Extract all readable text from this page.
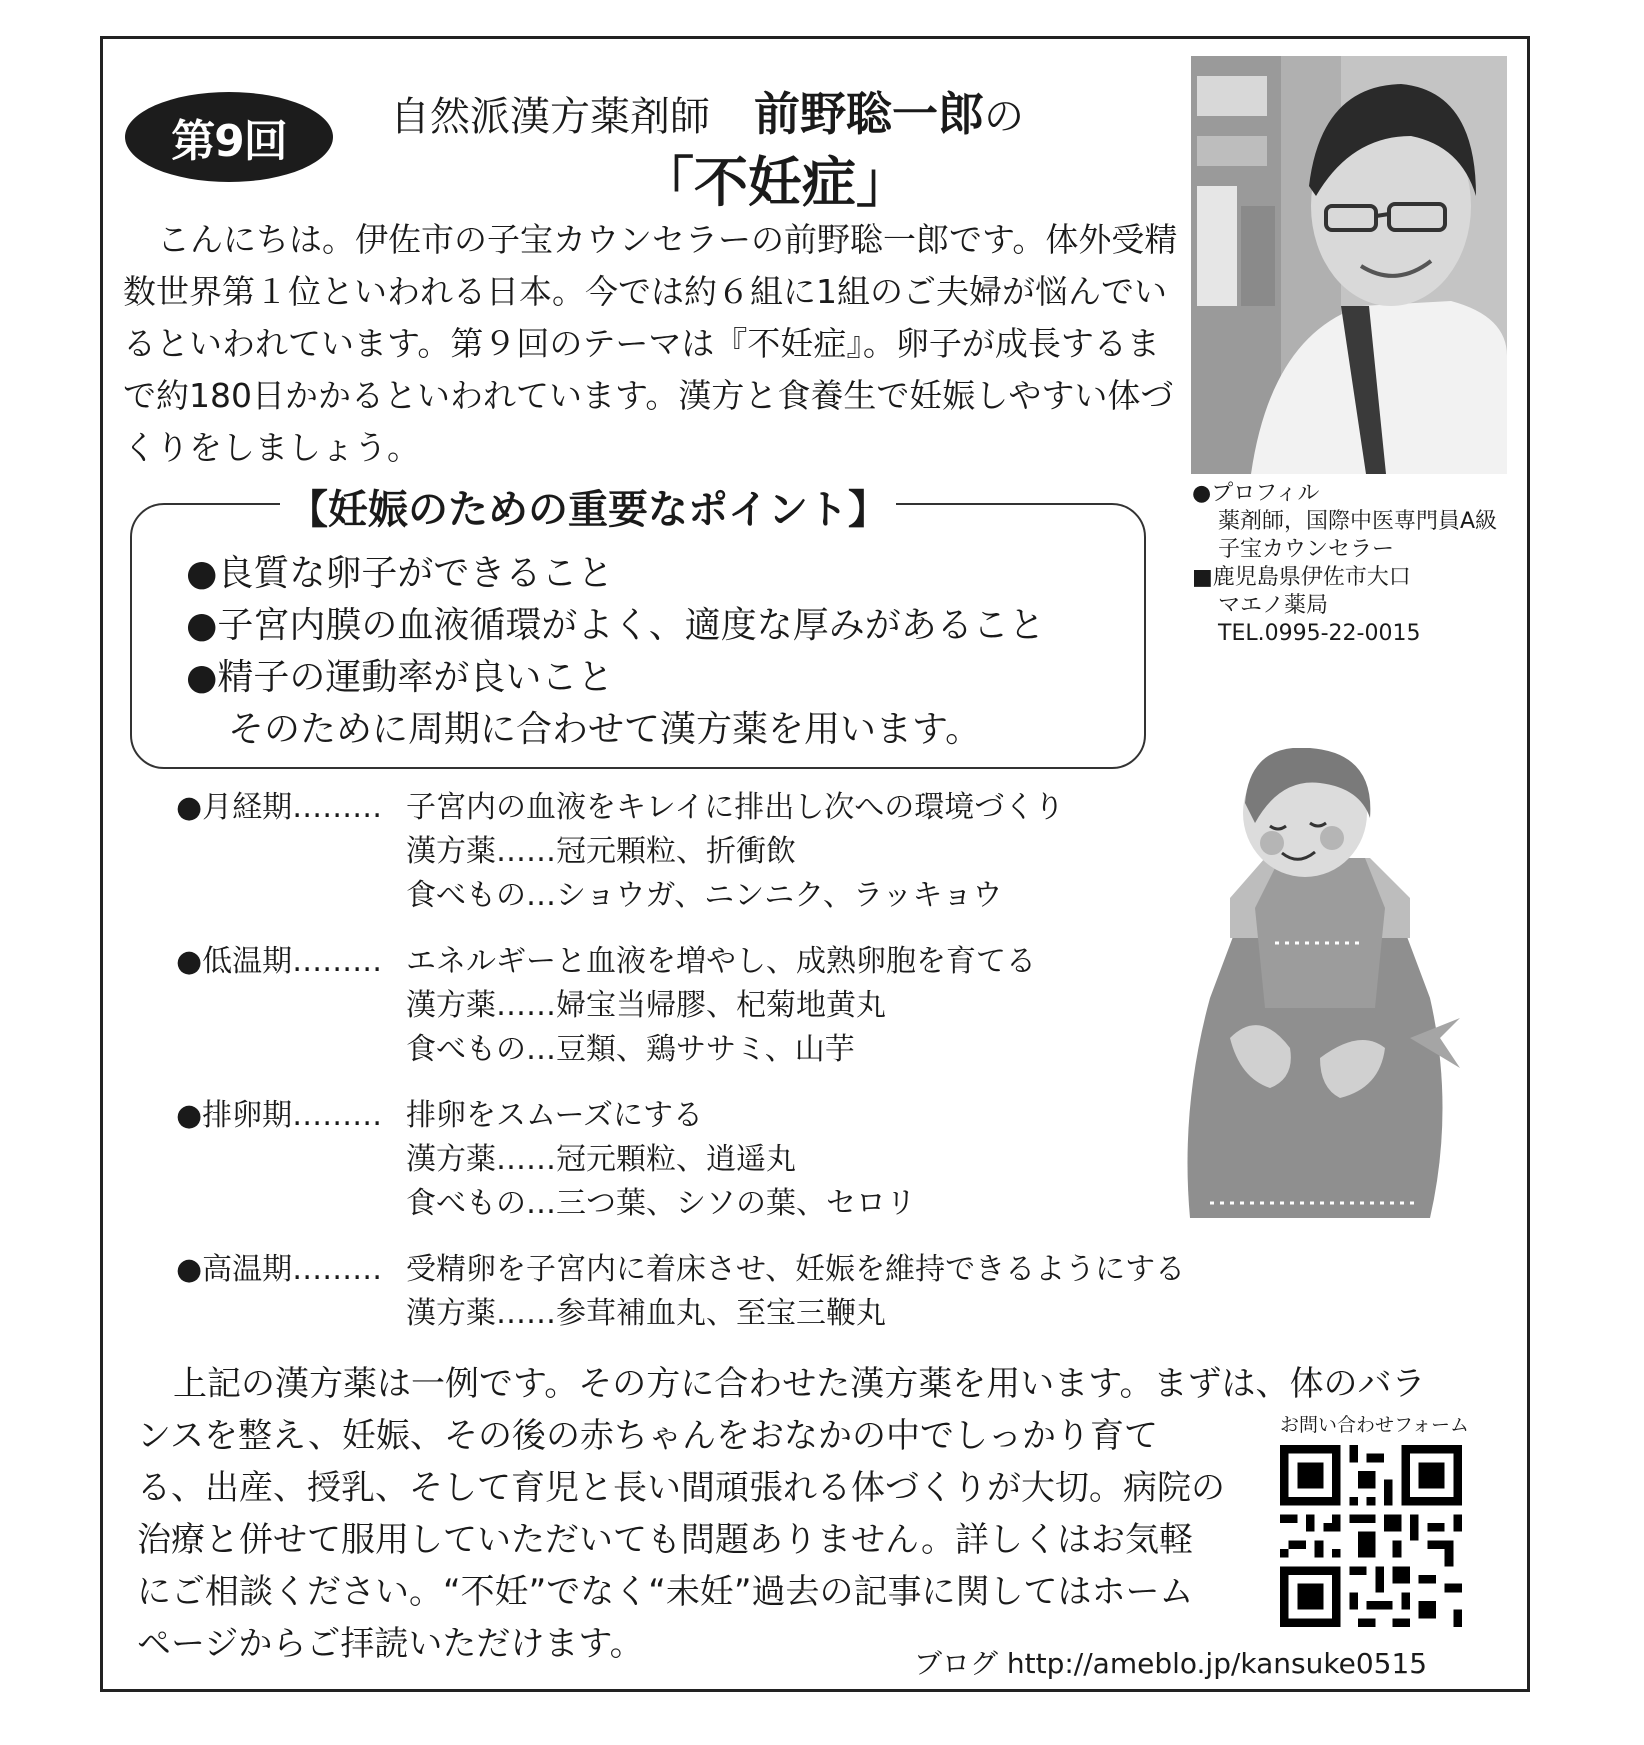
第9回	自然派漢方薬剤師 前野聡一郎の
「不妊症」

こんにちは。伊佐市の子宝カウンセラーの前野聡一郎です。体外受精数世界第１位といわれる日本。今では約６組に1組のご夫婦が悩んでいるといわれています。第９回のテーマは『不妊症』。卵子が成長するまで約180日かかるといわれています。漢方と食養生で妊娠しやすい体づくりをしましょう。

●プロフィル
薬剤師，国際中医専門員A級
子宝カウンセラー
■鹿児島県伊佐市大口
マエノ薬局
TEL.0995‐22‐0015
【妊娠のための重要なポイント】
●良質な卵子ができること
●子宮内膜の血液循環がよく、適度な厚みがあること
●精子の運動率が良いこと
そのために周期に合わせて漢方薬を用います。
●月経期……… 子宮内の血液をキレイに排出し次への環境づくり
漢方薬……冠元顆粒、折衝飲
食べもの…ショウガ、ニンニク、ラッキョウ
●低温期……… エネルギーと血液を増やし、成熟卵胞を育てる
漢方薬……婦宝当帰膠、杞菊地黄丸
食べもの…豆類、鶏ササミ、山芋
●排卵期……… 排卵をスムーズにする
漢方薬……冠元顆粒、逍遥丸
食べもの…三つ葉、シソの葉、セロリ
●高温期……… 受精卵を子宮内に着床させ、妊娠を維持できるようにする
漢方薬……参茸補血丸、至宝三鞭丸
上記の漢方薬は一例です。その方に合わせた漢方薬を用います。まずは、体のバラ
ンスを整え、妊娠、その後の赤ちゃんをおなかの中でしっかり育て
る、出産、授乳、そして育児と長い間頑張れる体づくりが大切。病院の
治療と併せて服用していただいても問題ありません。詳しくはお気軽
にご相談ください。“不妊”でなく“未妊”過去の記事に関してはホーム
ページからご拝読いただけます。
お問い合わせフォーム
ブログ http://ameblo.jp/kansuke0515
